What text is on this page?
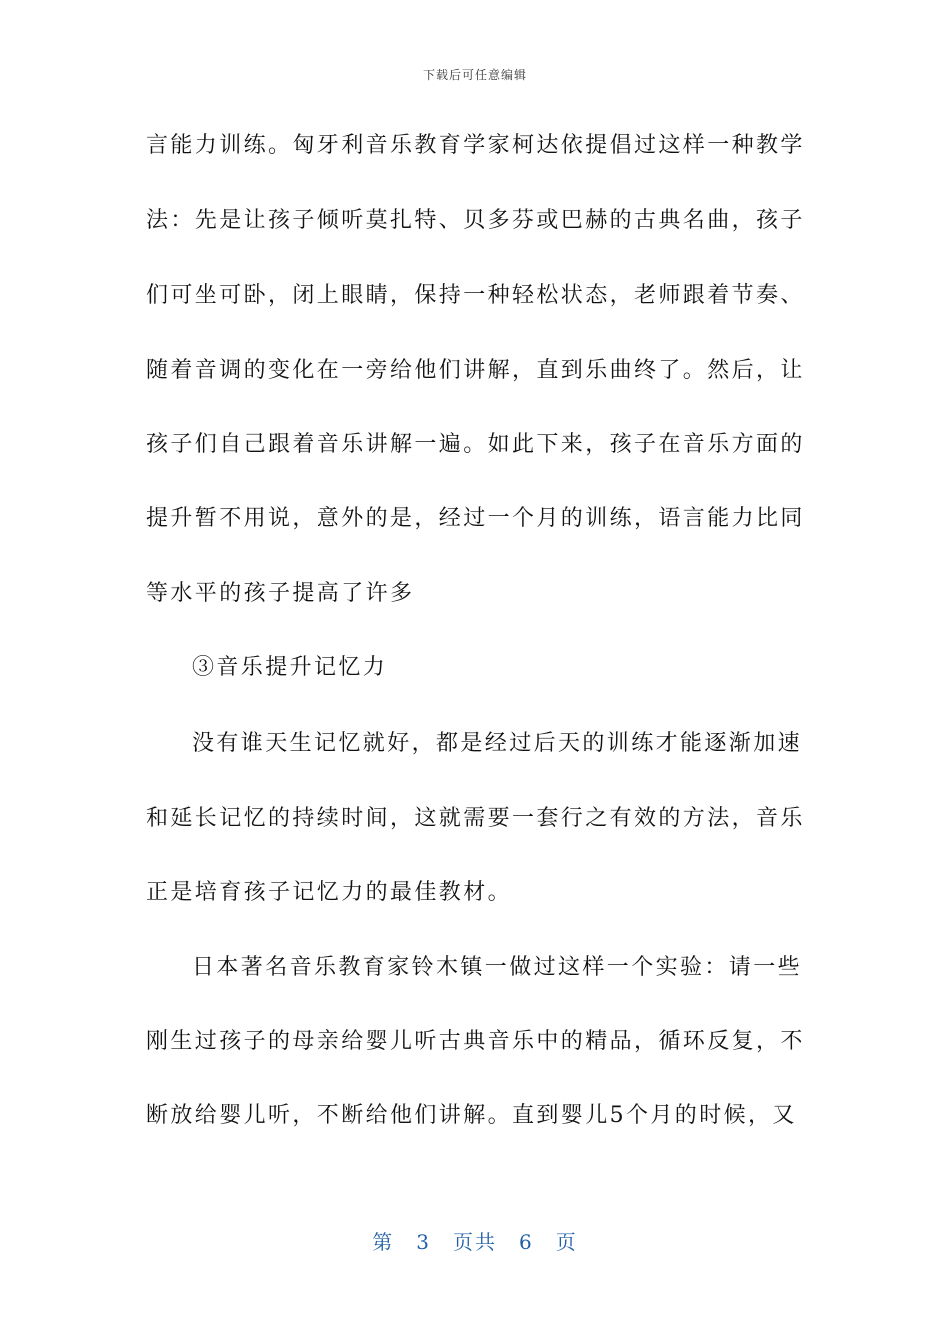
下载后可任意编辑
言能力训练。匈牙利音乐教育学家柯达依提倡过这样一种教学
法：先是让孩子倾听莫扎特、贝多芬或巴赫的古典名曲，孩子
们可坐可卧，闭上眼睛，保持一种轻松状态，老师跟着节奏、
随着音调的变化在一旁给他们讲解，直到乐曲终了。然后，让
孩子们自己跟着音乐讲解一遍。如此下来，孩子在音乐方面的
提升暂不用说，意外的是，经过一个月的训练，语言能力比同
等水平的孩子提高了许多
③音乐提升记忆力
没有谁天生记忆就好，都是经过后天的训练才能逐渐加速
和延长记忆的持续时间，这就需要一套行之有效的方法，音乐
正是培育孩子记忆力的最佳教材。
日本著名音乐教育家铃木镇一做过这样一个实验：请一些
刚生过孩子的母亲给婴儿听古典音乐中的精品，循环反复，不
断放给婴儿听，不断给他们讲解。直到婴儿5个月的时候，又
第 3 页共 6 页
